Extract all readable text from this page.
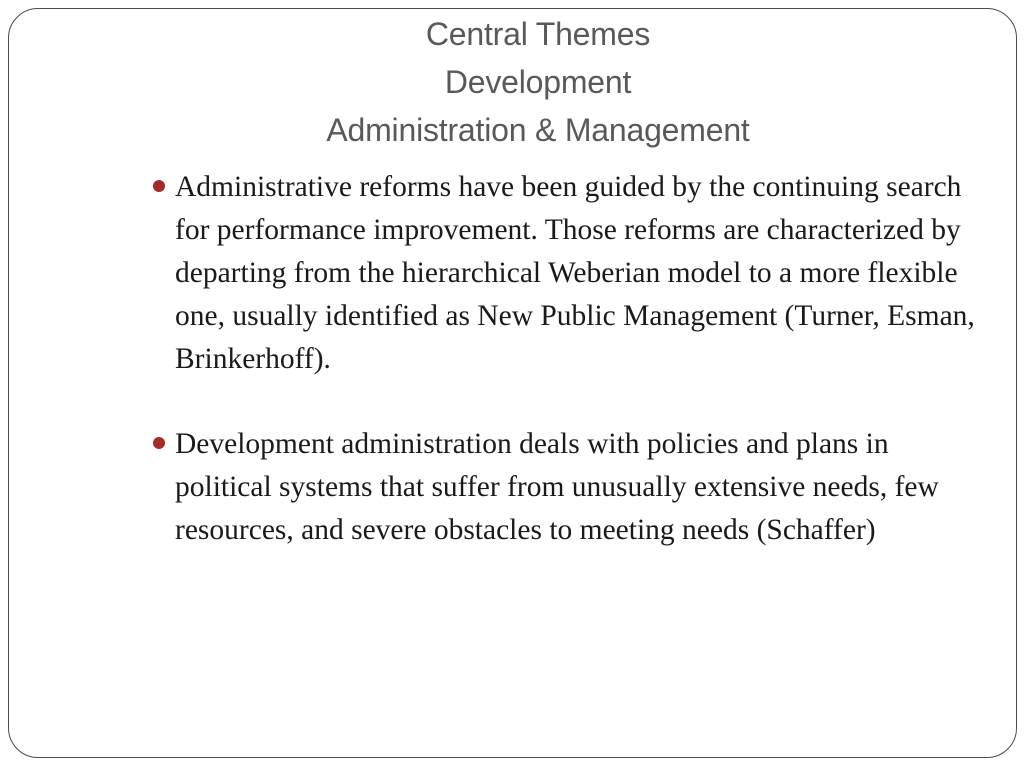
Central Themes
Development
Administration & Management
Administrative reforms have been guided by the continuing search for performance improvement. Those reforms are characterized by departing from the hierarchical Weberian model to a more flexible one, usually identified as New Public Management (Turner, Esman, Brinkerhoff).
Development administration deals with policies and plans in political systems that suffer from unusually extensive needs, few resources, and severe obstacles to meeting needs (Schaffer)
